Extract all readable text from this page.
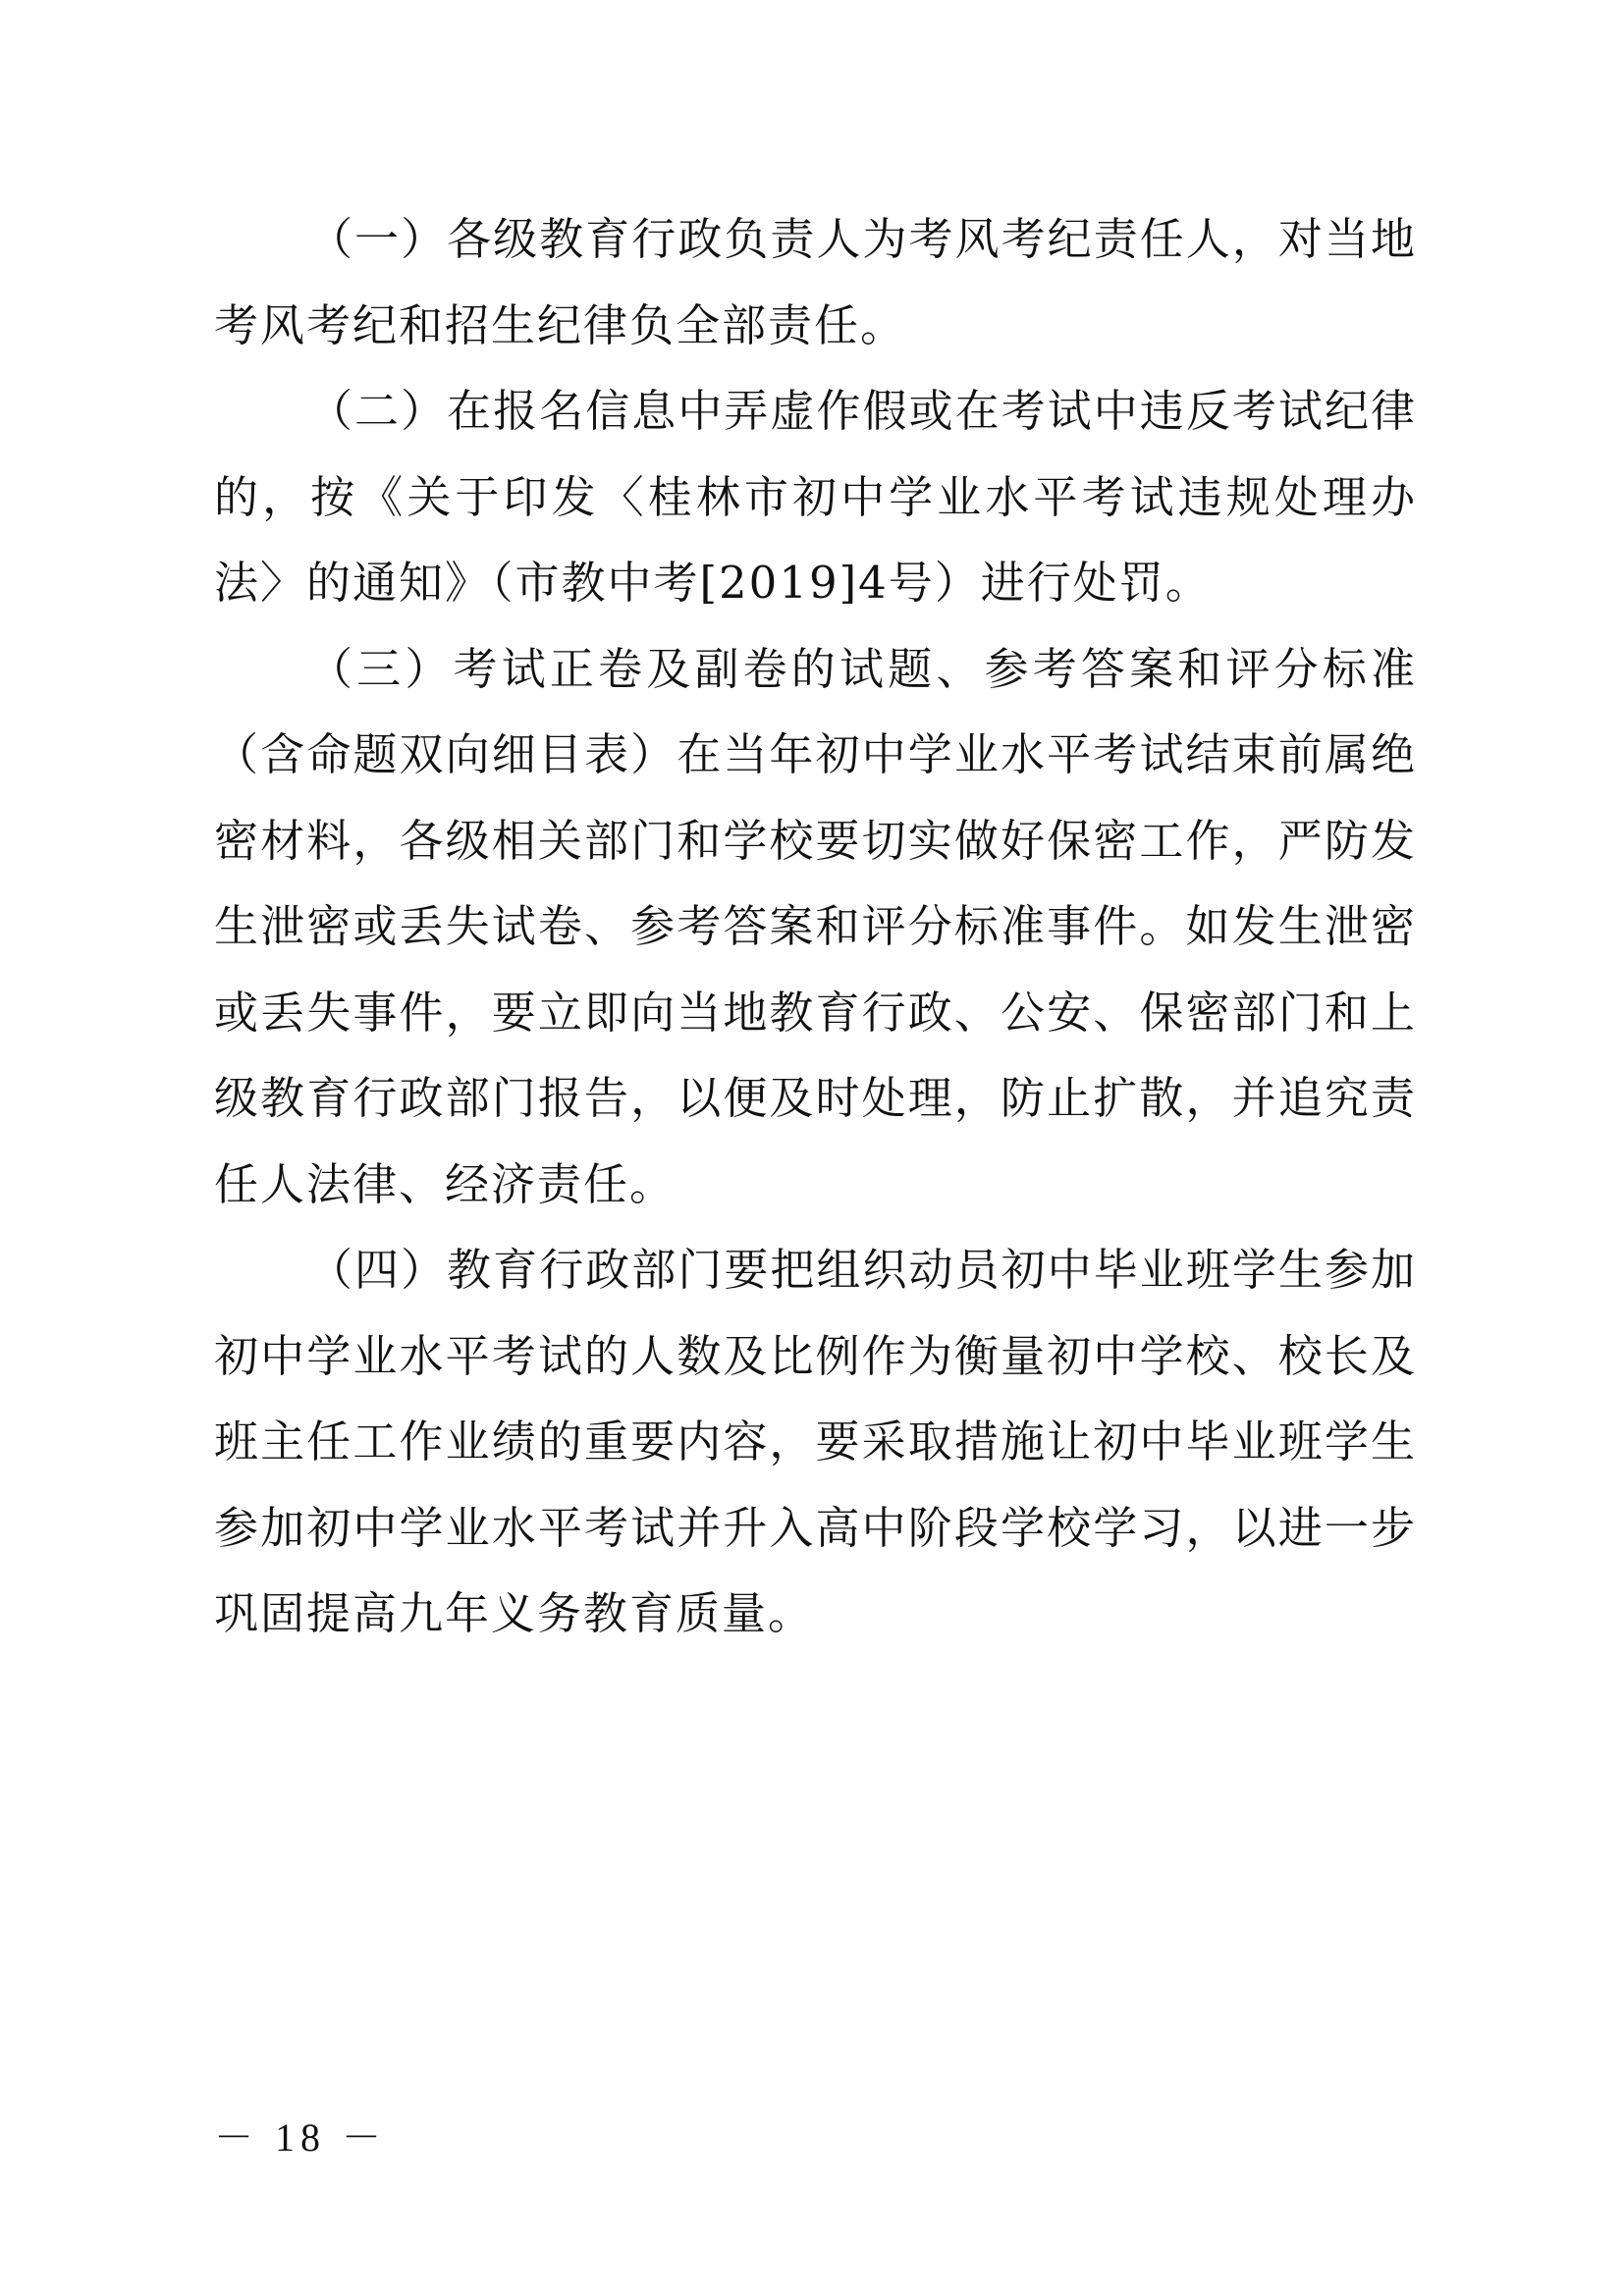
（一）各级教育行政负责人为考风考纪责任人，对当地考风考纪和招生纪律负全部责任。

（二）在报名信息中弄虚作假或在考试中违反考试纪律的，按《关于印发〈桂林市初中学业水平考试违规处理办法〉的通知》（市教中考[2019]4号）进行处罚。

（三）考试正卷及副卷的试题、参考答案和评分标准（含命题双向细目表）在当年初中学业水平考试结束前属绝密材料，各级相关部门和学校要切实做好保密工作，严防发生泄密或丢失试卷、参考答案和评分标准事件。如发生泄密或丢失事件，要立即向当地教育行政、公安、保密部门和上级教育行政部门报告，以便及时处理，防止扩散，并追究责任人法律、经济责任。

（四）教育行政部门要把组织动员初中毕业班学生参加初中学业水平考试的人数及比例作为衡量初中学校、校长及班主任工作业绩的重要内容，要采取措施让初中毕业班学生参加初中学业水平考试并升入高中阶段学校学习，以进一步巩固提高九年义务教育质量。

－ 18 －
